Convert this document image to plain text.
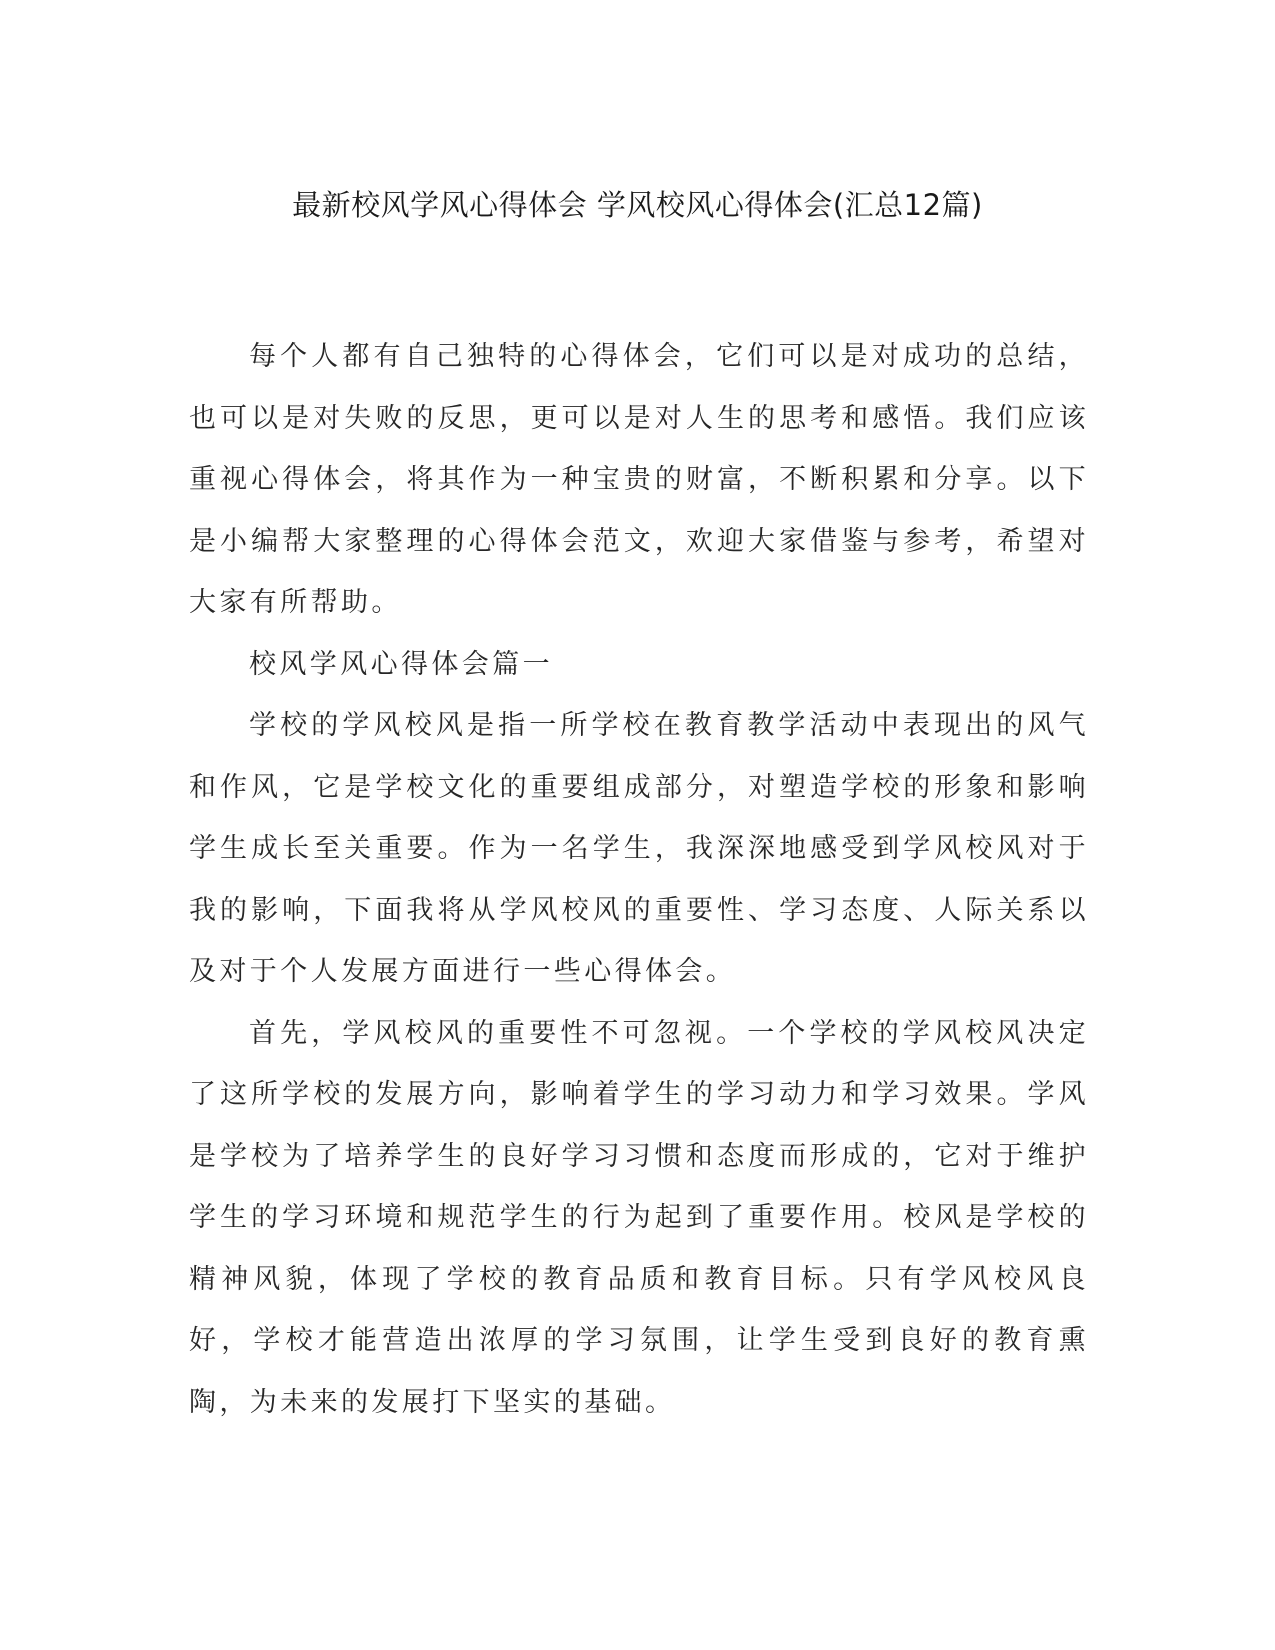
最新校风学风心得体会 学风校风心得体会(汇总12篇)

每个人都有自己独特的心得体会，它们可以是对成功的总结，也可以是对失败的反思，更可以是对人生的思考和感悟。我们应该重视心得体会，将其作为一种宝贵的财富，不断积累和分享。以下是小编帮大家整理的心得体会范文，欢迎大家借鉴与参考，希望对大家有所帮助。

校风学风心得体会篇一

学校的学风校风是指一所学校在教育教学活动中表现出的风气和作风，它是学校文化的重要组成部分，对塑造学校的形象和影响学生成长至关重要。作为一名学生，我深深地感受到学风校风对于我的影响，下面我将从学风校风的重要性、学习态度、人际关系以及对于个人发展方面进行一些心得体会。

首先，学风校风的重要性不可忽视。一个学校的学风校风决定了这所学校的发展方向，影响着学生的学习动力和学习效果。学风是学校为了培养学生的良好学习习惯和态度而形成的，它对于维护学生的学习环境和规范学生的行为起到了重要作用。校风是学校的精神风貌，体现了学校的教育品质和教育目标。只有学风校风良好，学校才能营造出浓厚的学习氛围，让学生受到良好的教育熏陶，为未来的发展打下坚实的基础。
